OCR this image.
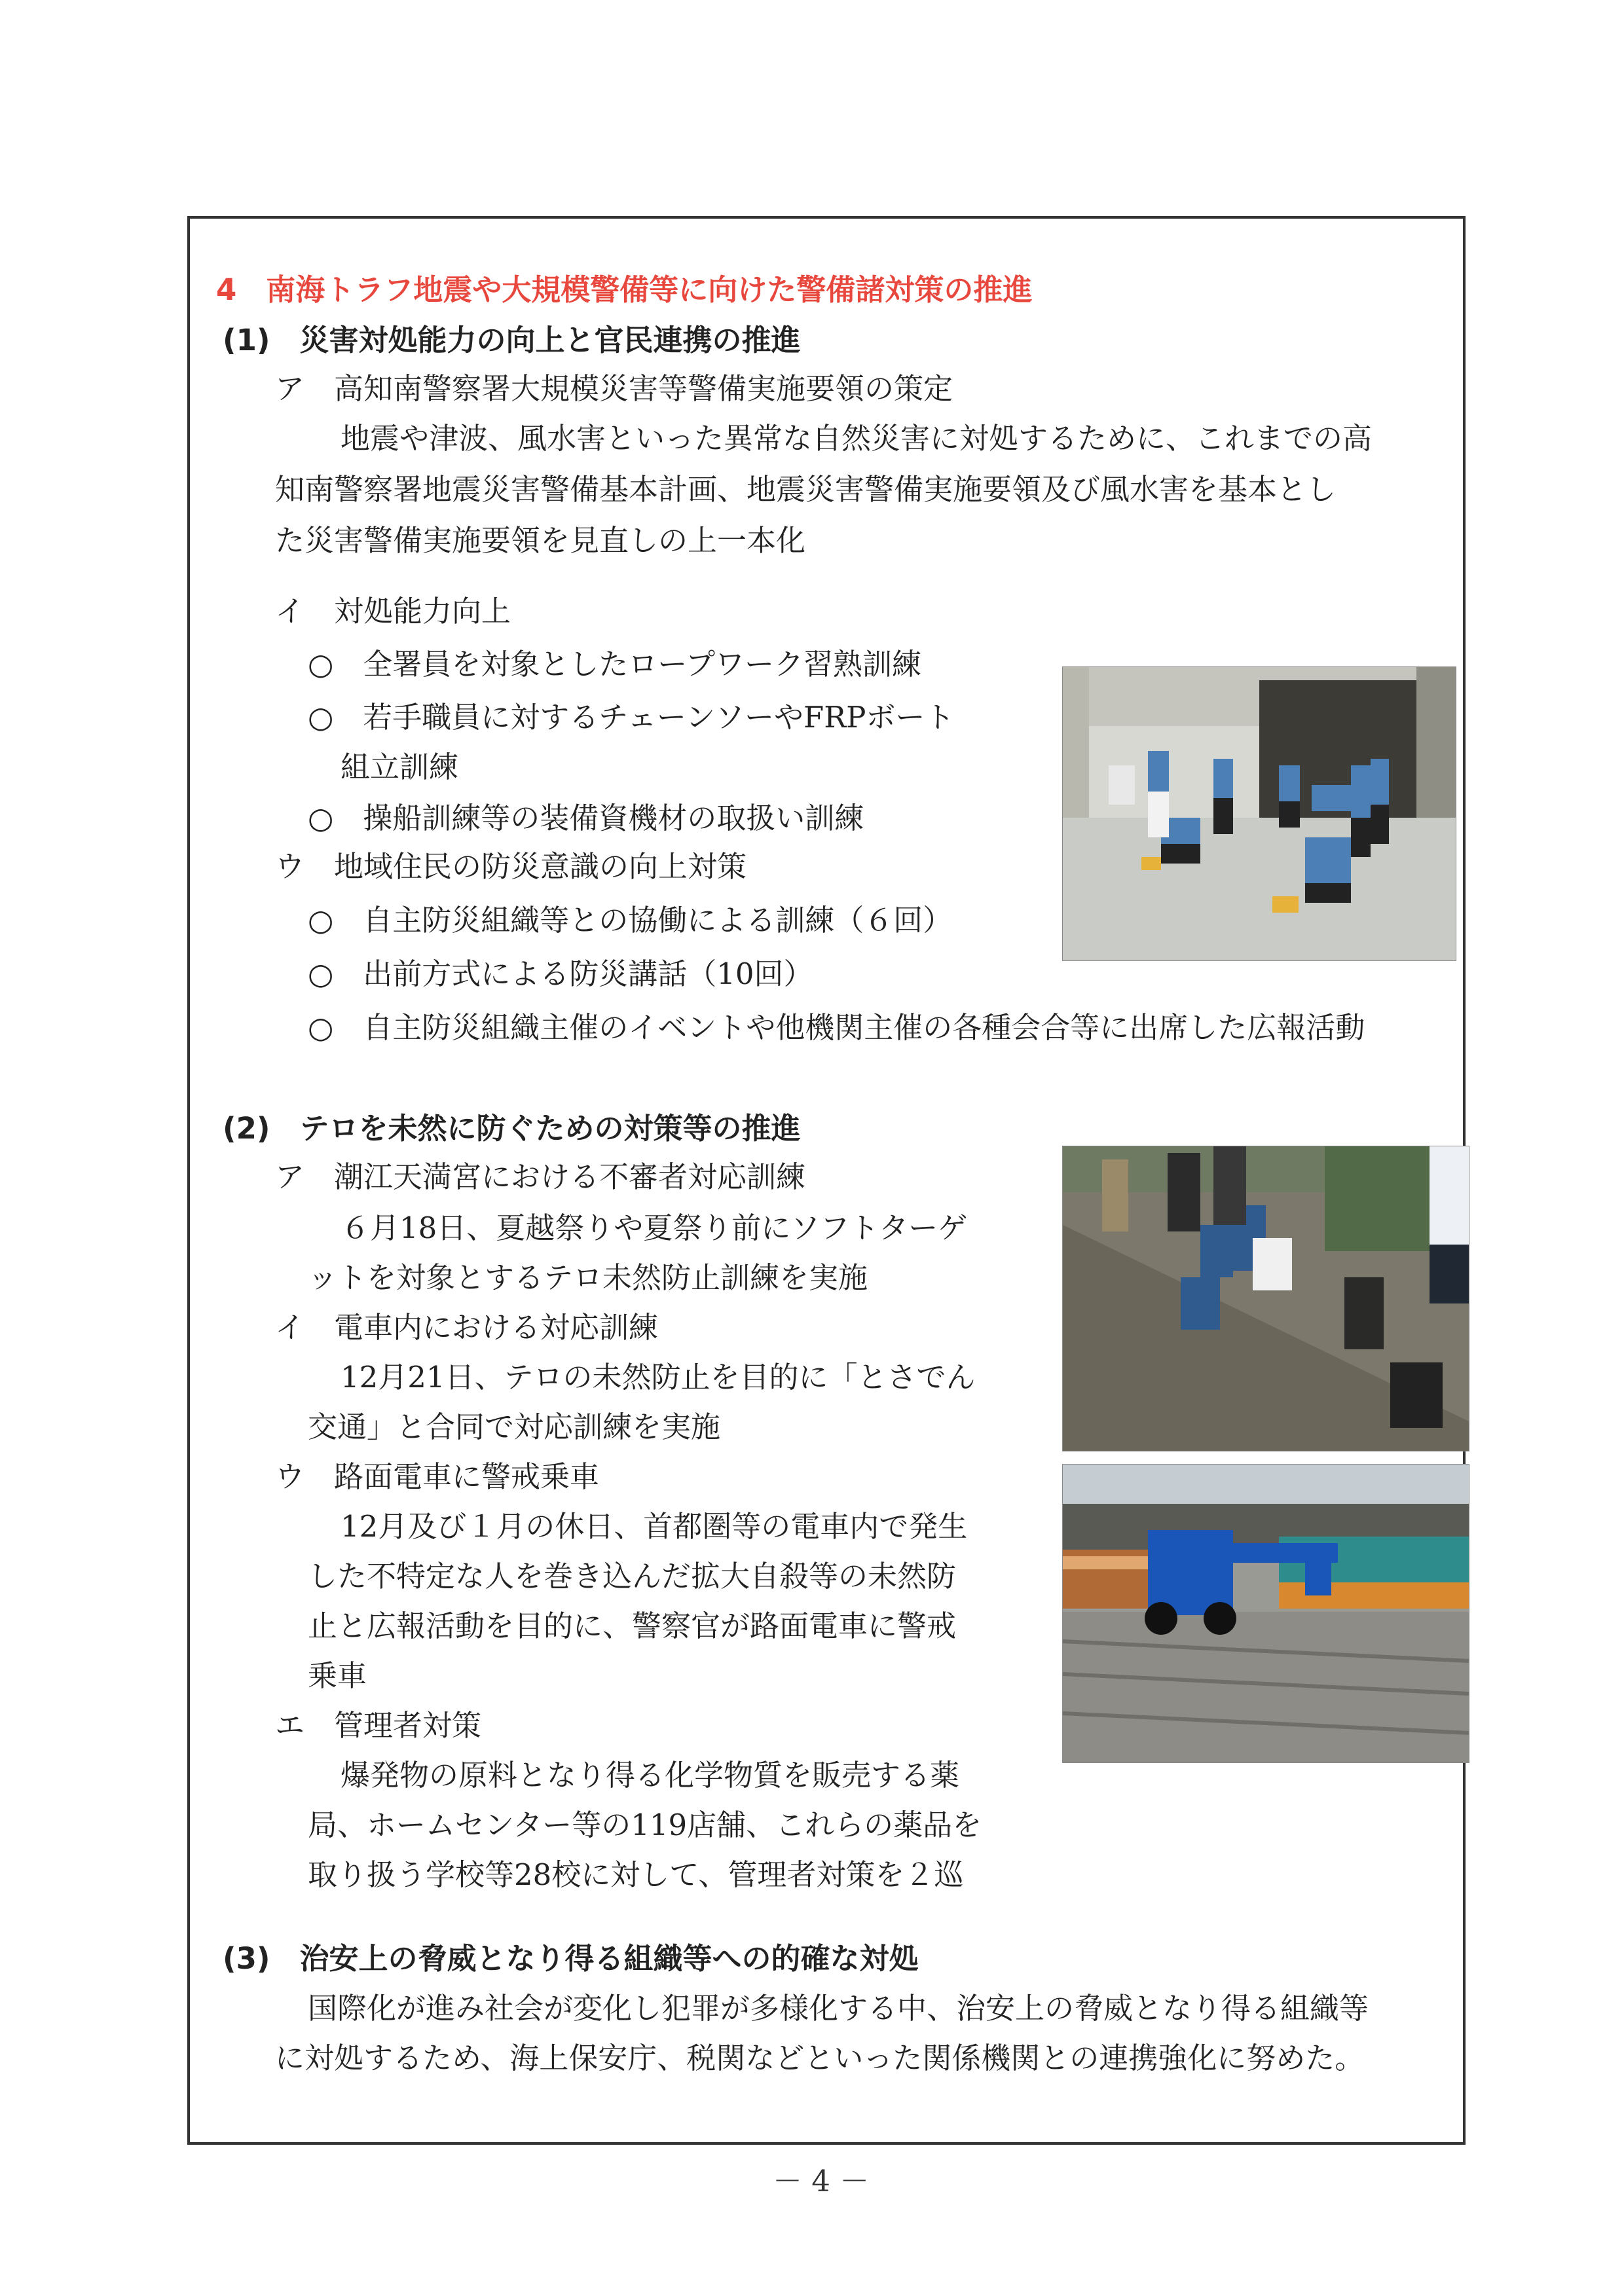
4　南海トラフ地震や大規模警備等に向けた警備諸対策の推進
(1)　災害対処能力の向上と官民連携の推進
ア　高知南警察署大規模災害等警備実施要領の策定
地震や津波、風水害といった異常な自然災害に対処するために、これまでの高
知南警察署地震災害警備基本計画、地震災害警備実施要領及び風水害を基本とし
た災害警備実施要領を見直しの上一本化
イ　対処能力向上
○　全署員を対象としたロープワーク習熟訓練
○　若手職員に対するチェーンソーやFRPボート
組立訓練
○　操船訓練等の装備資機材の取扱い訓練
ウ　地域住民の防災意識の向上対策
○　自主防災組織等との協働による訓練（６回）
○　出前方式による防災講話（10回）
○　自主防災組織主催のイベントや他機関主催の各種会合等に出席した広報活動
(2)　テロを未然に防ぐための対策等の推進
ア　潮江天満宮における不審者対応訓練
６月18日、夏越祭りや夏祭り前にソフトターゲ
ットを対象とするテロ未然防止訓練を実施
イ　電車内における対応訓練
12月21日、テロの未然防止を目的に「とさでん
交通」と合同で対応訓練を実施
ウ　路面電車に警戒乗車
12月及び１月の休日、首都圏等の電車内で発生
した不特定な人を巻き込んだ拡大自殺等の未然防
止と広報活動を目的に、警察官が路面電車に警戒
乗車
エ　管理者対策
爆発物の原料となり得る化学物質を販売する薬
局、ホームセンター等の119店舗、これらの薬品を
取り扱う学校等28校に対して、管理者対策を２巡
(3)　治安上の脅威となり得る組織等への的確な対処
国際化が進み社会が変化し犯罪が多様化する中、治安上の脅威となり得る組織等
に対処するため、海上保安庁、税関などといった関係機関との連携強化に努めた。
－ 4 －
